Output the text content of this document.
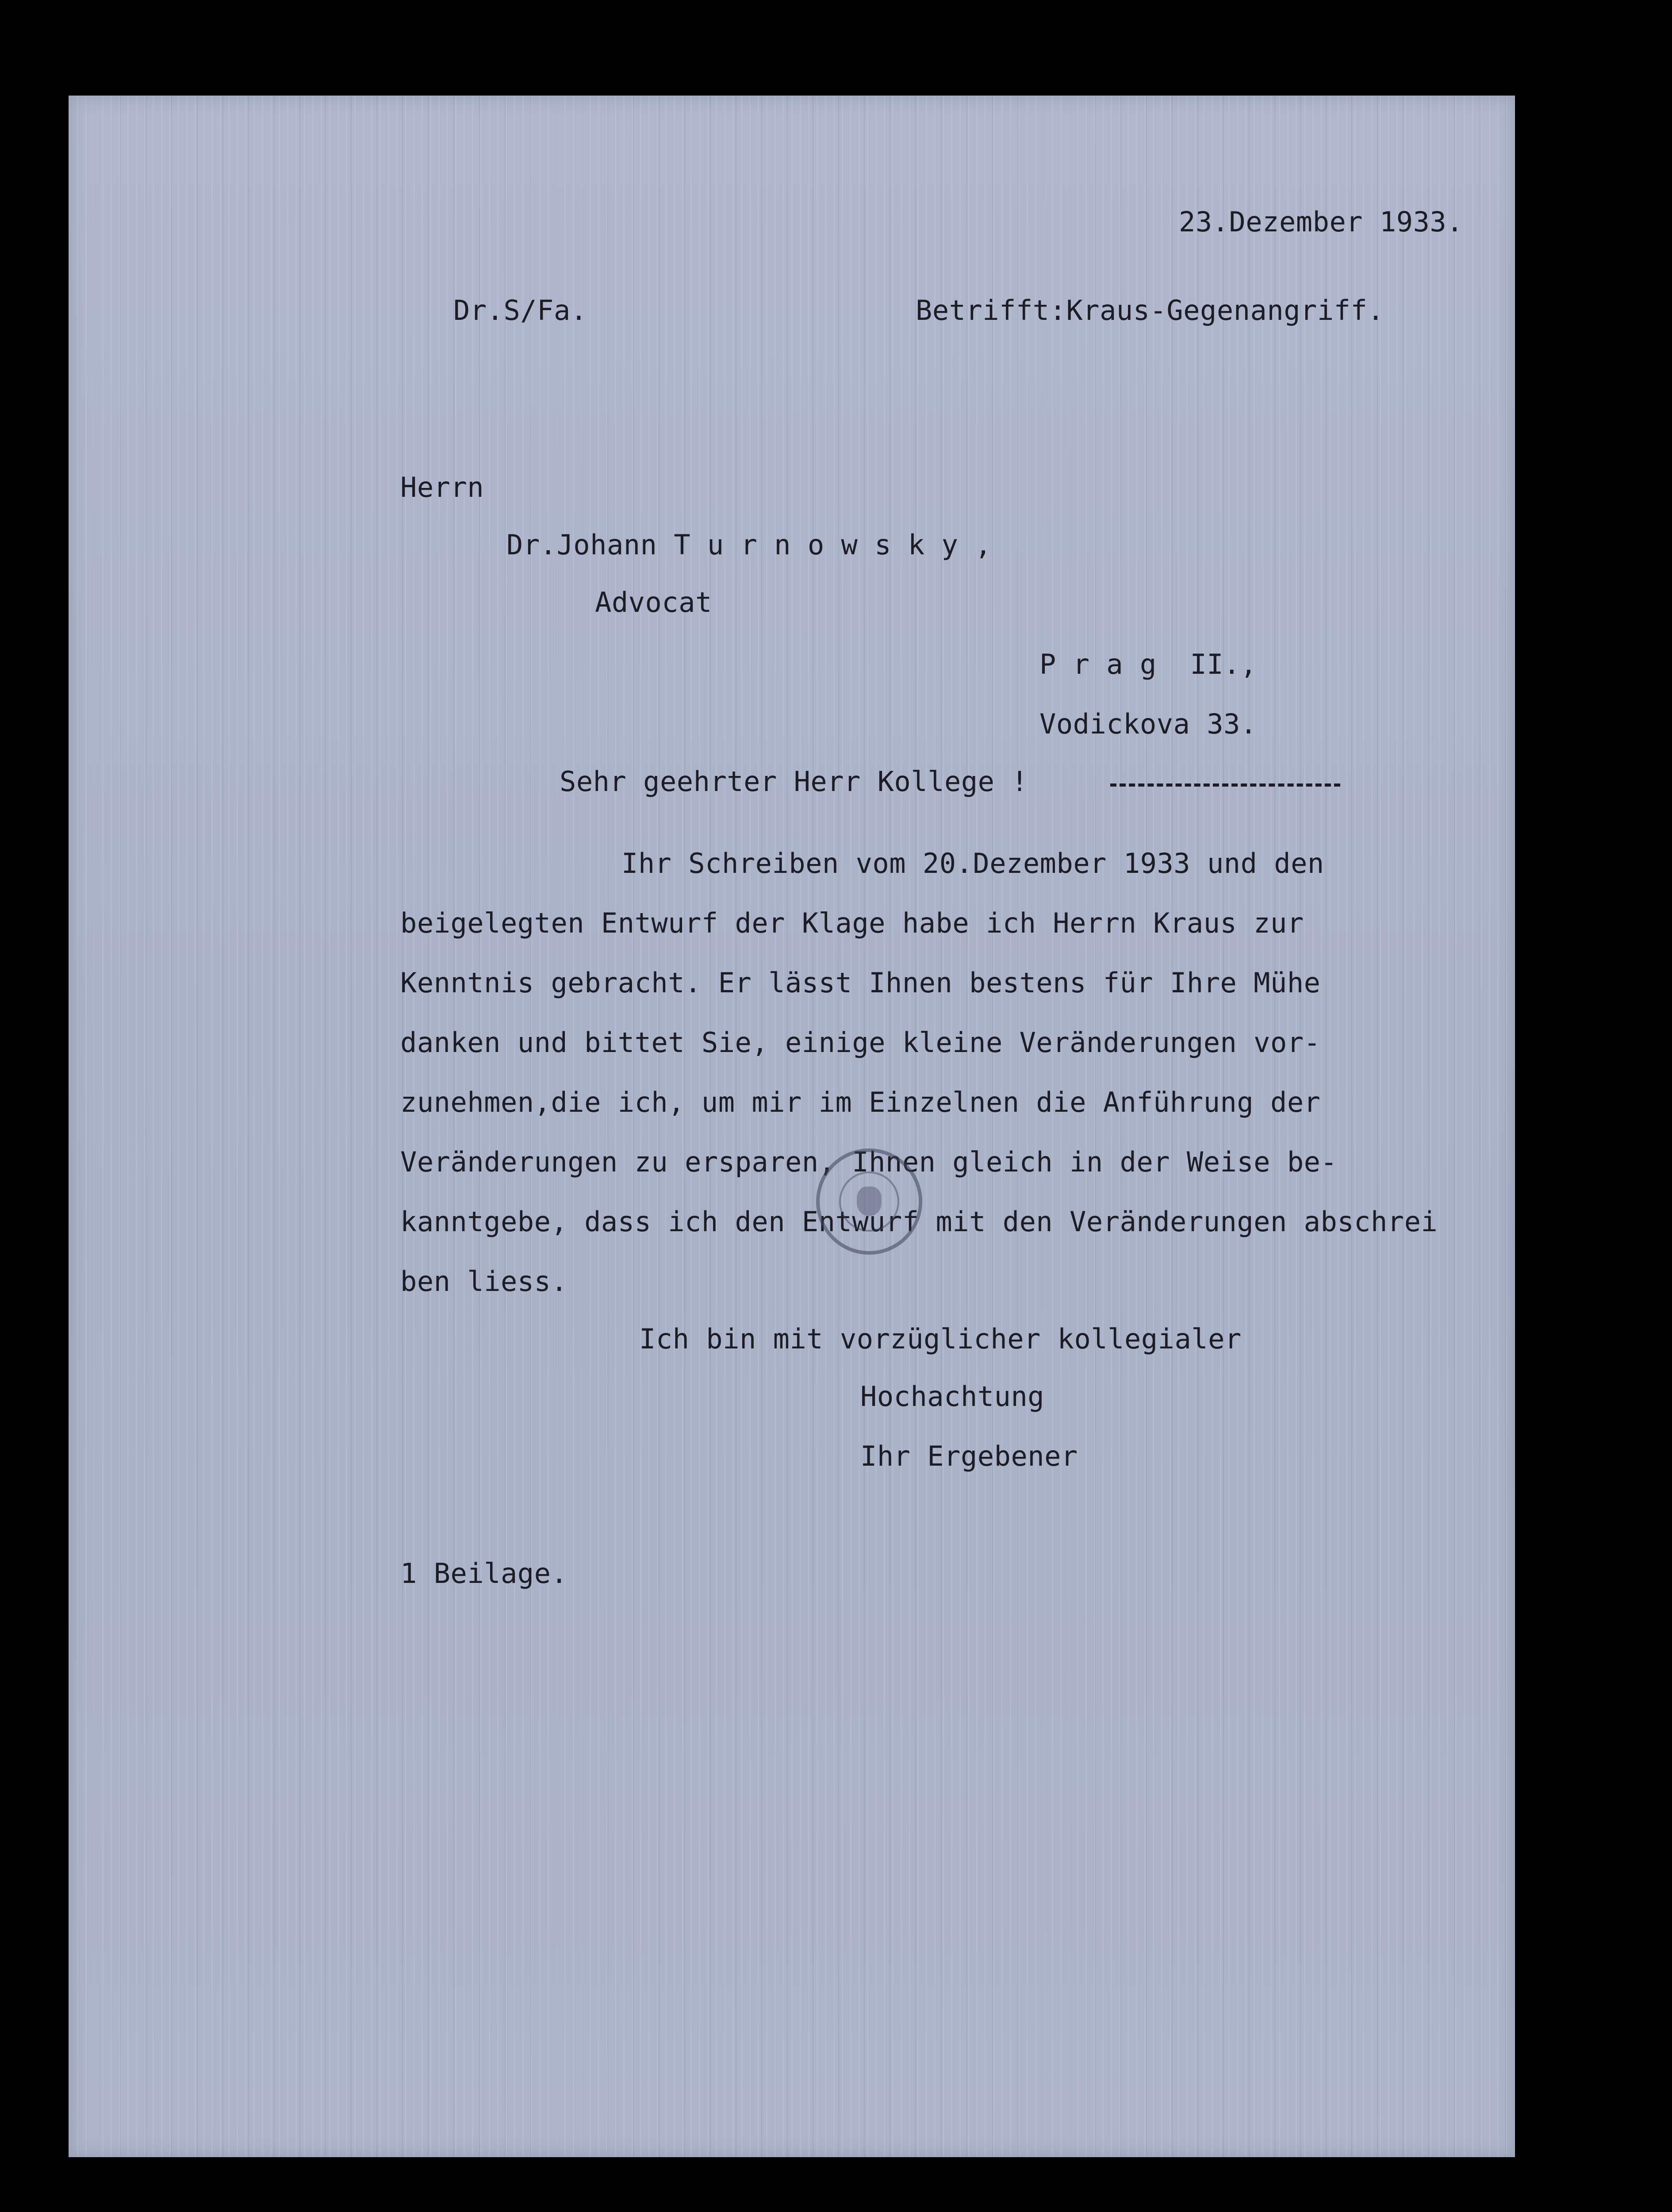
23.Dezember 1933.
Dr.S/Fa.	Betrifft:Kraus-Gegenangriff.
Herrn
Dr.Johann T u r n o w s k y ,
Advocat
P r a g  II.,
Vodickova 33.
Sehr geehrter Herr Kollege !
Ihr Schreiben vom 20.Dezember 1933 und den
beigelegten Entwurf der Klage habe ich Herrn Kraus zur
Kenntnis gebracht. Er lässt Ihnen bestens für Ihre Mühe
danken und bittet Sie, einige kleine Veränderungen vor-
zunehmen,die ich, um mir im Einzelnen die Anführung der
Veränderungen zu ersparen, Ihnen gleich in der Weise be-
kanntgebe, dass ich den Entwurf mit den Veränderungen abschrei
ben liess.
Ich bin mit vorzüglicher kollegialer
Hochachtung
Ihr Ergebener
1 Beilage.
